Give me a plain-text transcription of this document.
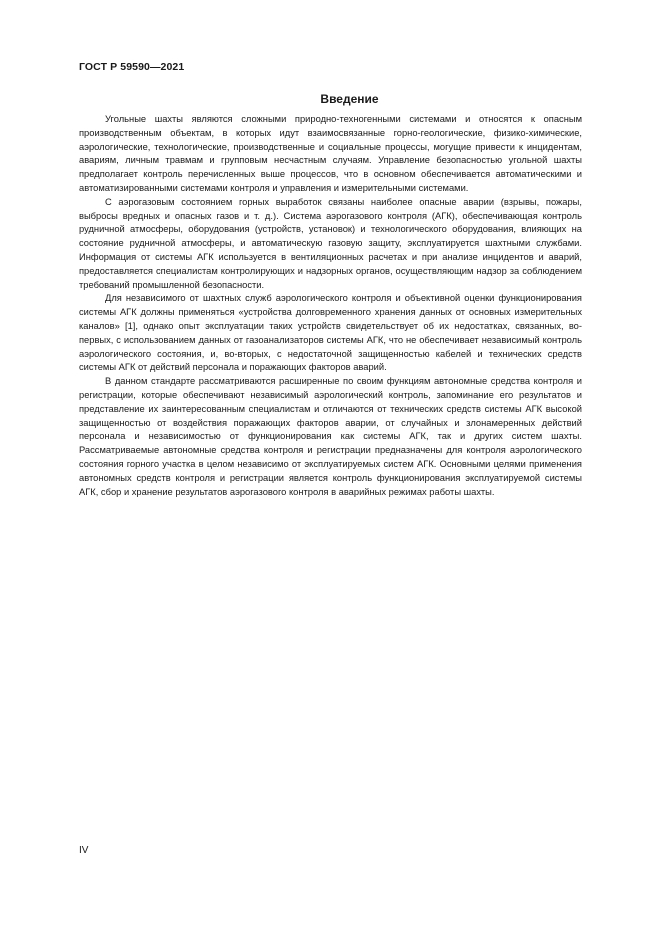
ГОСТ Р 59590—2021
Введение

Угольные шахты являются сложными природно-техногенными системами и относятся к опасным производственным объектам, в которых идут взаимосвязанные горно-геологические, физико-химические, аэрологические, технологические, производственные и социальные процессы, могущие привести к инцидентам, авариям, личным травмам и групповым несчастным случаям. Управление безопасностью угольной шахты предполагает контроль перечисленных выше процессов, что в основном обеспечивается автоматическими и автоматизированными системами контроля и управления и измерительными системами.

С аэрогазовым состоянием горных выработок связаны наиболее опасные аварии (взрывы, пожары, выбросы вредных и опасных газов и т. д.). Система аэрогазового контроля (АГК), обеспечивающая контроль рудничной атмосферы, оборудования (устройств, установок) и технологического оборудования, влияющих на состояние рудничной атмосферы, и автоматическую газовую защиту, эксплуатируется шахтными службами. Информация от системы АГК используется в вентиляционных расчетах и при анализе инцидентов и аварий, предоставляется специалистам контролирующих и надзорных органов, осуществляющим надзор за соблюдением требований промышленной безопасности.

Для независимого от шахтных служб аэрологического контроля и объективной оценки функционирования системы АГК должны применяться «устройства долговременного хранения данных от основных измерительных каналов» [1], однако опыт эксплуатации таких устройств свидетельствует об их недостатках, связанных, во-первых, с использованием данных от газоанализаторов системы АГК, что не обеспечивает независимый контроль аэрологического состояния, и, во-вторых, с недостаточной защищенностью кабелей и технических средств системы АГК от действий персонала и поражающих факторов аварий.

В данном стандарте рассматриваются расширенные по своим функциям автономные средства контроля и регистрации, которые обеспечивают независимый аэрологический контроль, запоминание его результатов и представление их заинтересованным специалистам и отличаются от технических средств системы АГК высокой защищенностью от воздействия поражающих факторов аварии, от случайных и злонамеренных действий персонала и независимостью от функционирования как системы АГК, так и других систем шахты. Рассматриваемые автономные средства контроля и регистрации предназначены для контроля аэрологического состояния горного участка в целом независимо от эксплуатируемых систем АГК. Основными целями применения автономных средств контроля и регистрации является контроль функционирования эксплуатируемой системы АГК, сбор и хранение результатов аэрогазового контроля в аварийных режимах работы шахты.

IV
